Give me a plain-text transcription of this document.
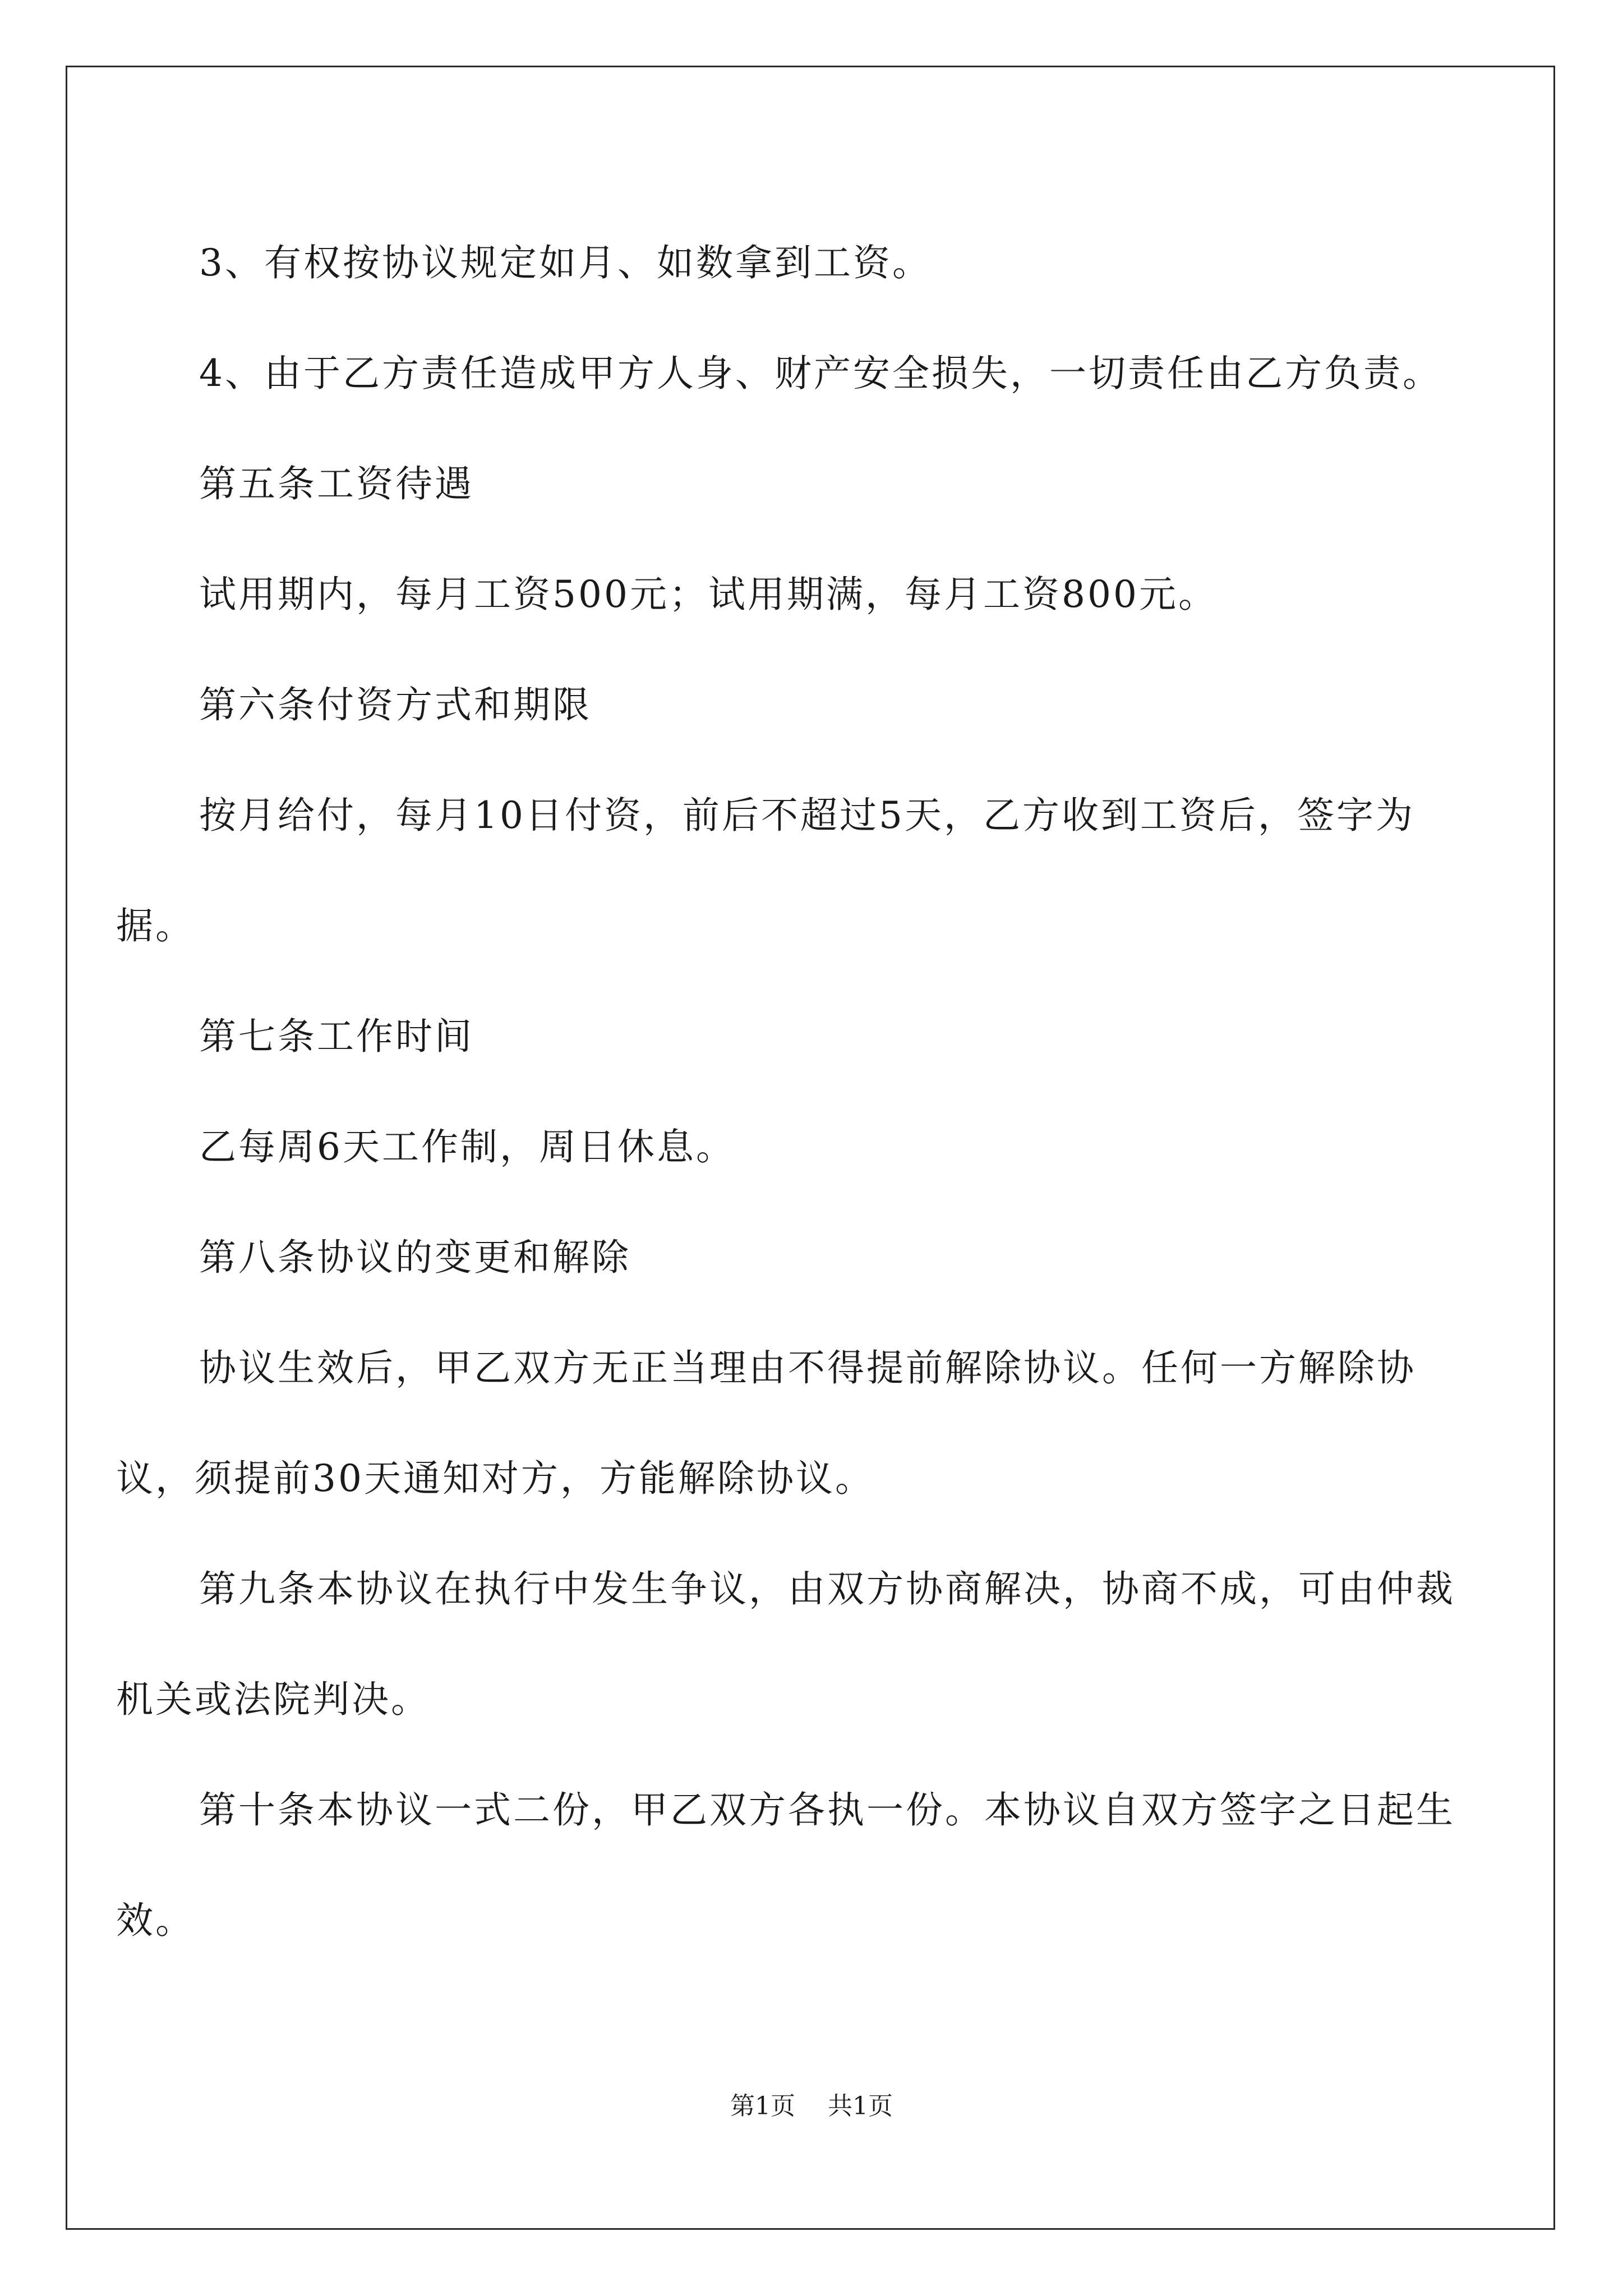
3、有权按协议规定如月、如数拿到工资。

4、由于乙方责任造成甲方人身、财产安全损失，一切责任由乙方负责。

第五条工资待遇

试用期内，每月工资500元；试用期满，每月工资800元。

第六条付资方式和期限

按月给付，每月10日付资，前后不超过5天，乙方收到工资后，签字为据。

第七条工作时间

乙每周6天工作制，周日休息。

第八条协议的变更和解除

协议生效后，甲乙双方无正当理由不得提前解除协议。任何一方解除协议，须提前30天通知对方，方能解除协议。

第九条本协议在执行中发生争议，由双方协商解决，协商不成，可由仲裁机关或法院判决。

第十条本协议一式二份，甲乙双方各执一份。本协议自双方签字之日起生效。

第1页 共1页
